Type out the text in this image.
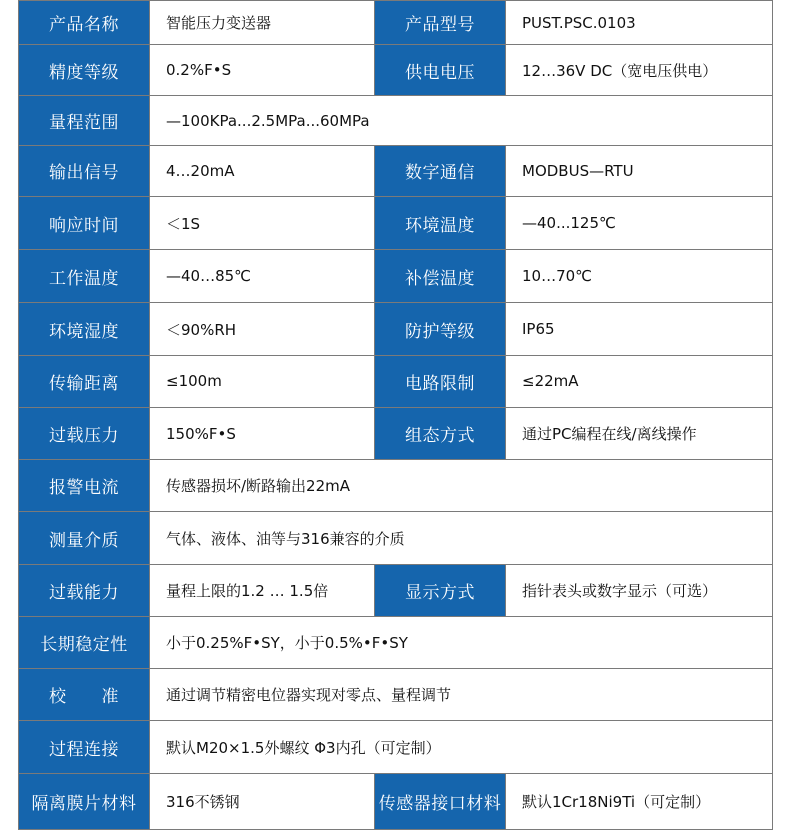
产品名称	智能压力变送器	产品型号	PUST.PSC.0103
精度等级	0.2%F•S	供电电压	12…36V DC（宽电压供电）
量程范围	—100KPa...2.5MPa...60MPa		
输出信号	4…20mA	数字通信	MODBUS—RTU
响应时间	＜1S	环境温度	—40...125℃
工作温度	—40…85℃	补偿温度	10…70℃
环境湿度	＜90%RH	防护等级	IP65
传输距离	≤100m	电路限制	≤22mA
过载压力	150%F•S	组态方式	通过PC编程在线/离线操作
报警电流	传感器损坏/断路输出22mA		
测量介质	气体、液体、油等与316兼容的介质		
过载能力	量程上限的1.2 … 1.5倍	显示方式	指针表头或数字显示（可选）
长期稳定性	小于0.25%F•SY，小于0.5%•F•SY		
校　　准	通过调节精密电位器实现对零点、量程调节		
过程连接	默认M20×1.5外螺纹 Φ3内孔（可定制）		
隔离膜片材料	316不锈钢	传感器接口材料	默认1Cr18Ni9Ti（可定制）
